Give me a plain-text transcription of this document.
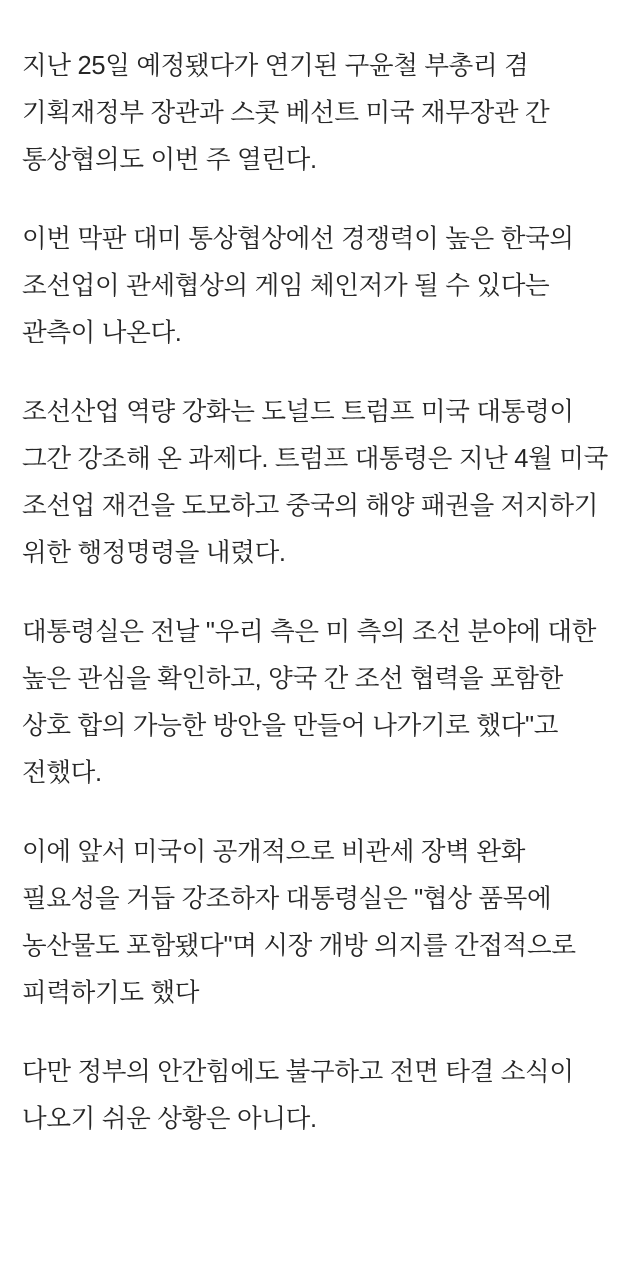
지난 25일 예정됐다가 연기된 구윤철 부총리 겸 기획재정부 장관과 스콧 베선트 미국 재무장관 간 통상협의도 이번 주 열린다.

이번 막판 대미 통상협상에선 경쟁력이 높은 한국의 조선업이 관세협상의 게임 체인저가 될 수 있다는 관측이 나온다.

조선산업 역량 강화는 도널드 트럼프 미국 대통령이 그간 강조해 온 과제다. 트럼프 대통령은 지난 4월 미국 조선업 재건을 도모하고 중국의 해양 패권을 저지하기 위한 행정명령을 내렸다.

대통령실은 전날 "우리 측은 미 측의 조선 분야에 대한 높은 관심을 확인하고, 양국 간 조선 협력을 포함한 상호 합의 가능한 방안을 만들어 나가기로 했다"고 전했다.

이에 앞서 미국이 공개적으로 비관세 장벽 완화 필요성을 거듭 강조하자 대통령실은 "협상 품목에 농산물도 포함됐다"며 시장 개방 의지를 간접적으로 피력하기도 했다

다만 정부의 안간힘에도 불구하고 전면 타결 소식이 나오기 쉬운 상황은 아니다.
